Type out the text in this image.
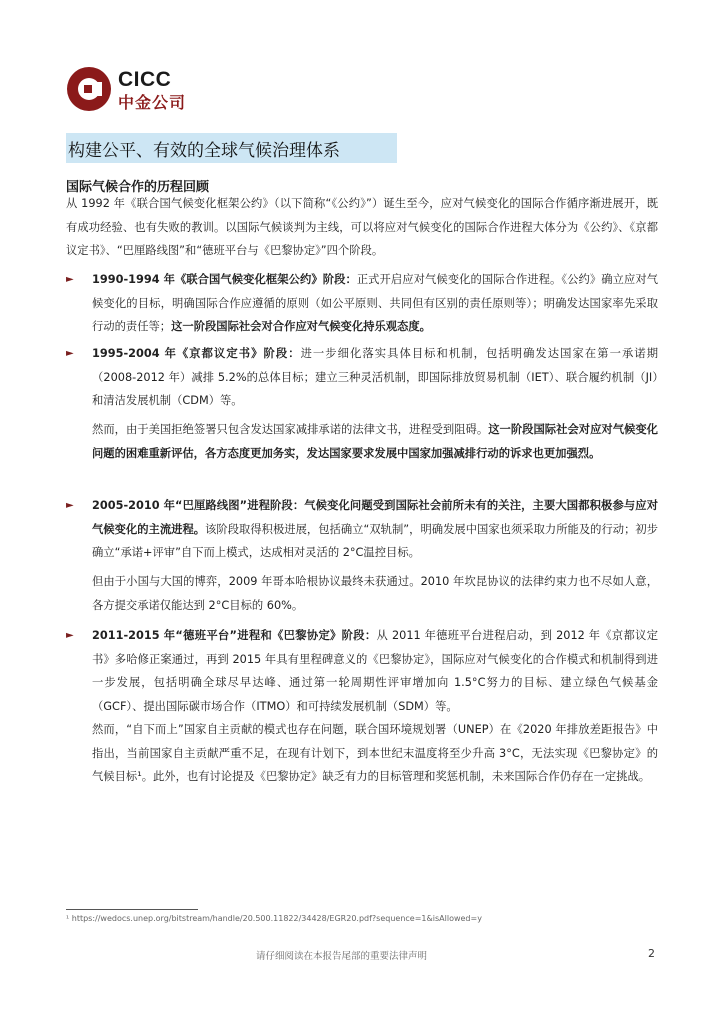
CICC
中金公司
构建公平、有效的全球气候治理体系
国际气候合作的历程回顾
从 1992 年《联合国气候变化框架公约》（以下简称“《公约》”）诞生至今，应对气候变化的国际合作循序渐进展开，既有成功经验、也有失败的教训。以国际气候谈判为主线，可以将应对气候变化的国际合作进程大体分为《公约》、《京都议定书》、“巴厘路线图”和“德班平台与《巴黎协定》”四个阶段。
► 1990-1994 年《联合国气候变化框架公约》阶段：正式开启应对气候变化的国际合作进程。《公约》确立应对气候变化的目标，明确国际合作应遵循的原则（如公平原则、共同但有区别的责任原则等）；明确发达国家率先采取行动的责任等；这一阶段国际社会对合作应对气候变化持乐观态度。
► 1995-2004 年《京都议定书》阶段：进一步细化落实具体目标和机制，包括明确发达国家在第一承诺期（2008-2012 年）减排 5.2%的总体目标；建立三种灵活机制，即国际排放贸易机制（IET）、联合履约机制（JI）和清洁发展机制（CDM）等。
然而，由于美国拒绝签署只包含发达国家减排承诺的法律文书，进程受到阻碍。这一阶段国际社会对应对气候变化问题的困难重新评估，各方态度更加务实，发达国家要求发展中国家加强减排行动的诉求也更加强烈。
► 2005-2010 年“巴厘路线图”进程阶段：气候变化问题受到国际社会前所未有的关注，主要大国都积极参与应对气候变化的主流进程。该阶段取得积极进展，包括确立“双轨制”，明确发展中国家也须采取力所能及的行动；初步确立“承诺+评审”自下而上模式，达成相对灵活的 2°C温控目标。
但由于小国与大国的博弈，2009 年哥本哈根协议最终未获通过。2010 年坎昆协议的法律约束力也不尽如人意，各方提交承诺仅能达到 2°C目标的 60%。
► 2011-2015 年“德班平台”进程和《巴黎协定》阶段：从 2011 年德班平台进程启动，到 2012 年《京都议定书》多哈修正案通过，再到 2015 年具有里程碑意义的《巴黎协定》，国际应对气候变化的合作模式和机制得到进一步发展，包括明确全球尽早达峰、通过第一轮周期性评审增加向 1.5°C努力的目标、建立绿色气候基金（GCF）、提出国际碳市场合作（ITMO）和可持续发展机制（SDM）等。
然而，“自下而上”国家自主贡献的模式也存在问题，联合国环境规划署（UNEP）在《2020 年排放差距报告》中指出，当前国家自主贡献严重不足，在现有计划下，到本世纪末温度将至少升高 3°C，无法实现《巴黎协定》的气候目标¹。此外，也有讨论提及《巴黎协定》缺乏有力的目标管理和奖惩机制，未来国际合作仍存在一定挑战。
¹ https://wedocs.unep.org/bitstream/handle/20.500.11822/34428/EGR20.pdf?sequence=1&isAllowed=y
请仔细阅读在本报告尾部的重要法律声明	2
